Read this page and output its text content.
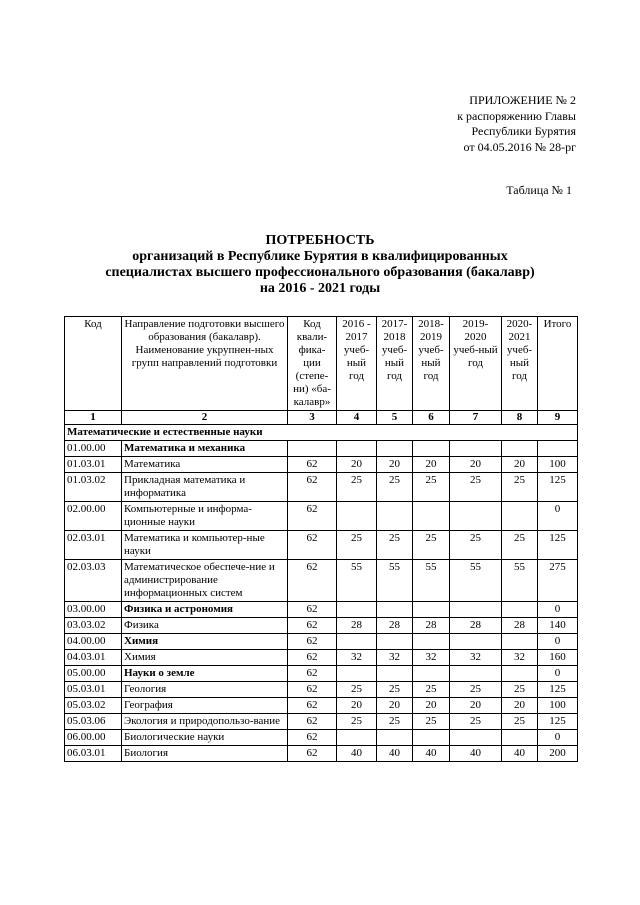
ПРИЛОЖЕНИЕ № 2
к распоряжению Главы
Республики Бурятия
от 04.05.2016 № 28-рг
Таблица № 1
ПОТРЕБНОСТЬ
организаций в Республике Бурятия в квалифицированных
специалистах высшего профессионального образования (бакалавр)
на 2016 - 2021 годы
Код	Направление подготовки высшего образования (бакалавр). Наименование укрупнен-ных групп направлений подготовки	Код квали-фика-ции (степе-ни) «ба-калавр»	2016 - 2017 учеб-ный год	2017-2018 учеб-ный год	2018-2019 учеб-ный год	2019-2020 учеб-ный год	2020-2021 учеб-ный год	Итого
1	2	3	4	5	6	7	8	9
Математические и естественные науки								
01.00.00	Математика и механика							
01.03.01	Математика	62	20	20	20	20	20	100
01.03.02	Прикладная математика и информатика	62	25	25	25	25	25	125
02.00.00	Компьютерные и информа-ционные науки	62						0
02.03.01	Математика и компьютер-ные науки	62	25	25	25	25	25	125
02.03.03	Математическое обеспече-ние и администрирование информационных систем	62	55	55	55	55	55	275
03.00.00	Физика и астрономия	62						0
03.03.02	Физика	62	28	28	28	28	28	140
04.00.00	Химия	62						0
04.03.01	Химия	62	32	32	32	32	32	160
05.00.00	Науки о земле	62						0
05.03.01	Геология	62	25	25	25	25	25	125
05.03.02	География	62	20	20	20	20	20	100
05.03.06	Экология и природопользо-вание	62	25	25	25	25	25	125
06.00.00	Биологические науки	62						0
06.03.01	Биология	62	40	40	40	40	40	200
